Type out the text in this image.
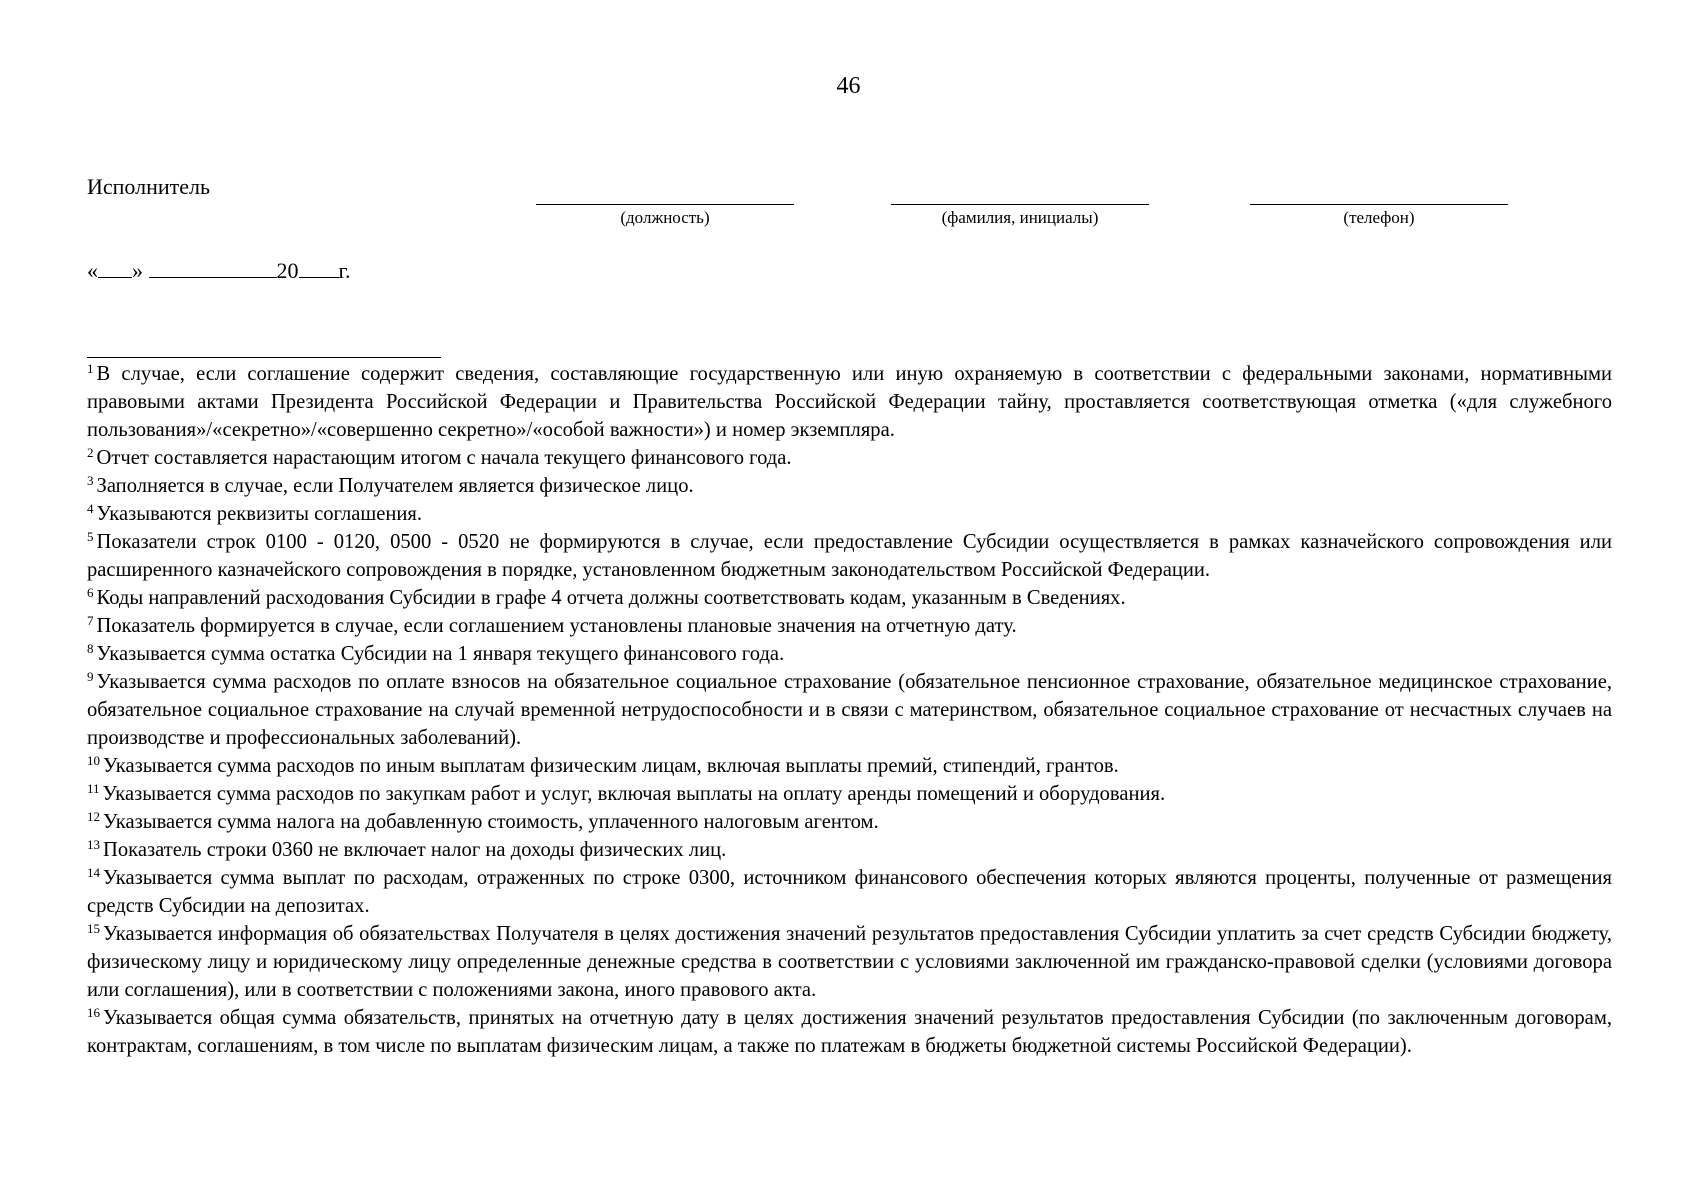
46
Исполнитель
(должность)	(фамилия, инициалы)	(телефон)
« »	20 г.

$^1$ В случае, если соглашение содержит сведения, составляющие государственную или иную охраняемую в соответствии с федеральными законами, нормативными правовыми актами Президента Российской Федерации и Правительства Российской Федерации тайну, проставляется соответствующая отметка («для служебного пользования»/«секретно»/«совершенно секретно»/«особой важности») и номер экземпляра.

$^2$ Отчет составляется нарастающим итогом с начала текущего финансового года.

$^3$ Заполняется в случае, если Получателем является физическое лицо.

$^4$ Указываются реквизиты соглашения.

$^5$ Показатели строк 0100 - 0120, 0500 - 0520 не формируются в случае, если предоставление Субсидии осуществляется в рамках казначейского сопровождения или расширенного казначейского сопровождения в порядке, установленном бюджетным законодательством Российской Федерации.

$^6$ Коды направлений расходования Субсидии в графе 4 отчета должны соответствовать кодам, указанным в Сведениях.

$^7$ Показатель формируется в случае, если соглашением установлены плановые значения на отчетную дату.

$^8$ Указывается сумма остатка Субсидии на 1 января текущего финансового года.

$^9$ Указывается сумма расходов по оплате взносов на обязательное социальное страхование (обязательное пенсионное страхование, обязательное медицинское страхование, обязательное социальное страхование на случай временной нетрудоспособности и в связи с материнством, обязательное социальное страхование от несчастных случаев на производстве и профессиональных заболеваний).

$^{10}$ Указывается сумма расходов по иным выплатам физическим лицам, включая выплаты премий, стипендий, грантов.

$^{11}$ Указывается сумма расходов по закупкам работ и услуг, включая выплаты на оплату аренды помещений и оборудования.

$^{12}$ Указывается сумма налога на добавленную стоимость, уплаченного налоговым агентом.

$^{13}$ Показатель строки 0360 не включает налог на доходы физических лиц.

$^{14}$ Указывается сумма выплат по расходам, отраженных по строке 0300, источником финансового обеспечения которых являются проценты, полученные от размещения средств Субсидии на депозитах.

$^{15}$ Указывается информация об обязательствах Получателя в целях достижения значений результатов предоставления Субсидии уплатить за счет средств Субсидии бюджету, физическому лицу и юридическому лицу определенные денежные средства в соответствии с условиями заключенной им гражданско-правовой сделки (условиями договора или соглашения), или в соответствии с положениями закона, иного правового акта.

$^{16}$ Указывается общая сумма обязательств, принятых на отчетную дату в целях достижения значений результатов предоставления Субсидии (по заключенным договорам, контрактам, соглашениям, в том числе по выплатам физическим лицам, а также по платежам в бюджеты бюджетной системы Российской Федерации).
